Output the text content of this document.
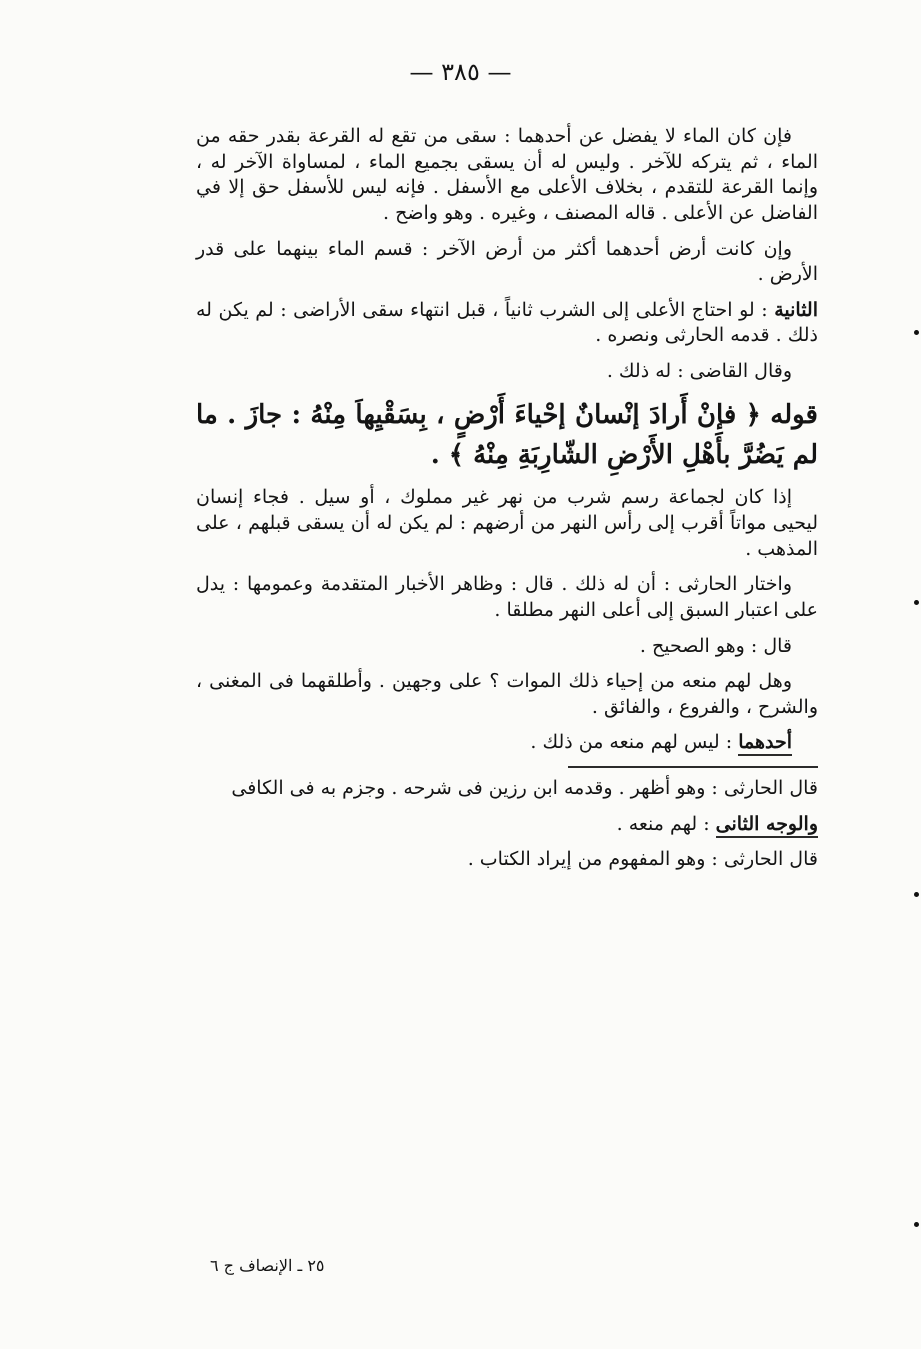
— ٣٨٥ —

فإن كان الماء لا يفضل عن أحدهما : سقى من تقع له القرعة بقدر حقه من الماء ، ثم يتركه للآخر . وليس له أن يسقى بجميع الماء ، لمساواة الآخر له ، وإنما القرعة للتقدم ، بخلاف الأعلى مع الأسفل . فإنه ليس للأسفل حق إلا في الفاضل عن الأعلى . قاله المصنف ، وغيره . وهو واضح .

وإن كانت أرض أحدهما أكثر من أرض الآخر : قسم الماء بينهما على قدر الأرض .

الثانية : لو احتاج الأعلى إلى الشرب ثانياً ، قبل انتهاء سقى الأراضى : لم يكن له ذلك . قدمه الحارثى ونصره .

وقال القاضى : له ذلك .

قوله ﴿ فإنْ أَرادَ إنْسانٌ إحْياءَ أَرْضٍ ، بِسَقْيِهاَ مِنْهُ : جازَ . ما لم يَضُرَّ بأَهْلِ الأَرْضِ الشّارِبَةِ مِنْهُ ﴾ .

إذا كان لجماعة رسم شرب من نهر غير مملوك ، أو سيل . فجاء إنسان ليحيى مواتاً أقرب إلى رأس النهر من أرضهم : لم يكن له أن يسقى قبلهم ، على المذهب .

واختار الحارثى : أن له ذلك . قال : وظاهر الأخبار المتقدمة وعمومها : يدل على اعتبار السبق إلى أعلى النهر مطلقا .

قال : وهو الصحيح .

وهل لهم منعه من إحياء ذلك الموات ؟ على وجهين . وأطلقهما فى المغنى ، والشرح ، والفروع ، والفائق .

أحدهما : ليس لهم منعه من ذلك .

قال الحارثى : وهو أظهر . وقدمه ابن رزين فى شرحه . وجزم به فى الكافى

والوجه الثانى : لهم منعه .

قال الحارثى : وهو المفهوم من إيراد الكتاب .

٢٥ ـ الإنصاف ج ٦
